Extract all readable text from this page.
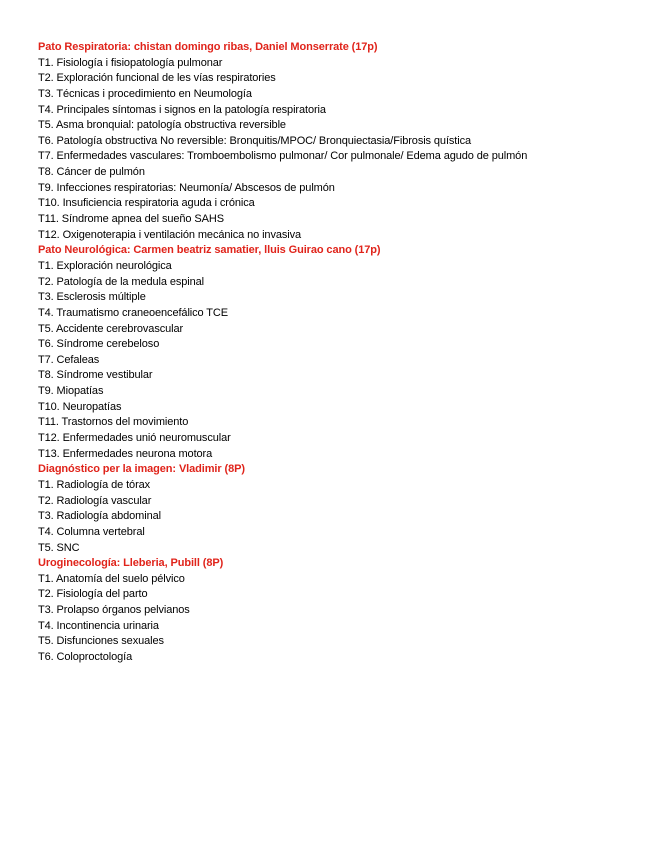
Pato Respiratoria: chistan domingo ribas, Daniel Monserrate (17p)
T1. Fisiología i fisiopatología pulmonar
T2. Exploración funcional de les vías respiratories
T3. Técnicas i procedimiento en Neumología
T4. Principales síntomas i signos en la patología respiratoria
T5. Asma bronquial: patología obstructiva reversible
T6. Patología obstructiva No reversible: Bronquitis/MPOC/ Bronquiectasia/Fibrosis quística
T7. Enfermedades vasculares: Tromboembolismo pulmonar/ Cor pulmonale/ Edema agudo de pulmón
T8. Cáncer de pulmón
T9. Infecciones respiratorias: Neumonía/ Abscesos de pulmón
T10. Insuficiencia respiratoria aguda i crónica
T11. Síndrome apnea del sueño SAHS
T12. Oxigenoterapia i ventilación mecánica no invasiva
Pato Neurológica: Carmen beatriz samatier, lluis Guirao cano (17p)
T1. Exploración neurológica
T2. Patología de la medula espinal
T3. Esclerosis múltiple
T4. Traumatismo craneoencefálico TCE
T5. Accidente cerebrovascular
T6. Síndrome cerebeloso
T7. Cefaleas
T8. Síndrome vestibular
T9. Miopatías
T10. Neuropatías
T11. Trastornos del movimiento
T12. Enfermedades unió neuromuscular
T13. Enfermedades neurona motora
Diagnóstico per la imagen: Vladimir (8P)
T1. Radiología de tórax
T2. Radiología vascular
T3. Radiología abdominal
T4. Columna vertebral
T5. SNC
Uroginecología: Lleberia, Pubill (8P)
T1. Anatomía del suelo pélvico
T2. Fisiología del parto
T3. Prolapso órganos pelvianos
T4. Incontinencia urinaria
T5. Disfunciones sexuales
T6. Coloproctología
